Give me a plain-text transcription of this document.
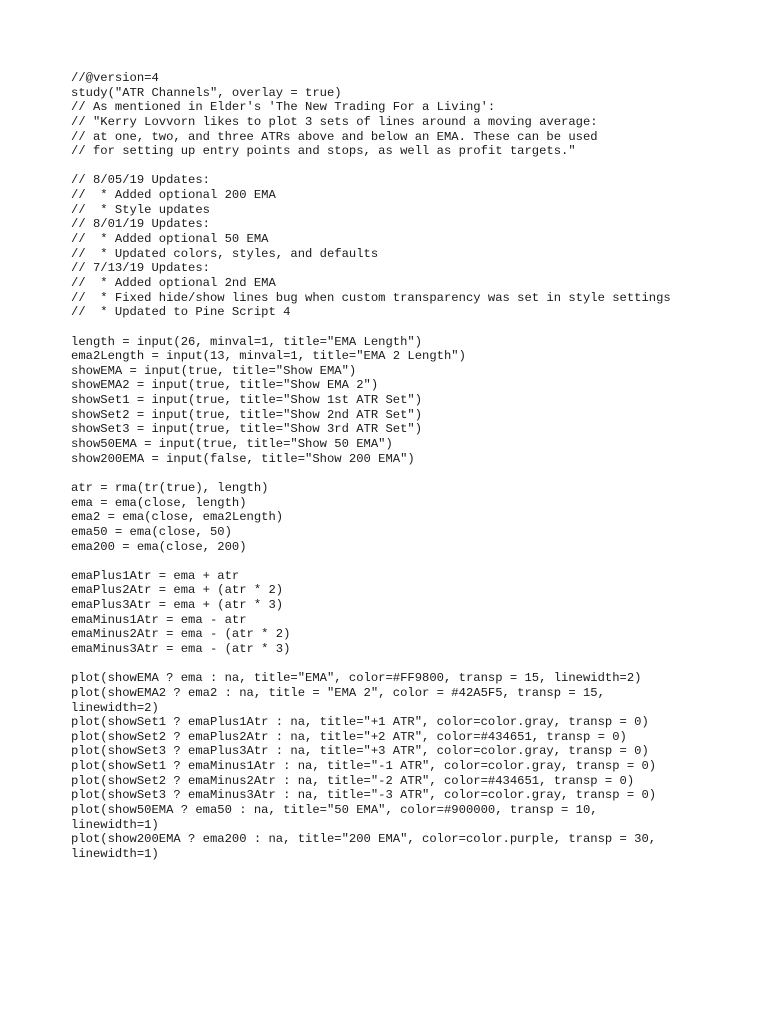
//@version=4
study("ATR Channels", overlay = true)
// As mentioned in Elder's 'The New Trading For a Living':
// "Kerry Lovvorn likes to plot 3 sets of lines around a moving average:
// at one, two, and three ATRs above and below an EMA. These can be used
// for setting up entry points and stops, as well as profit targets."
// 8/05/19 Updates:
//  * Added optional 200 EMA
//  * Style updates
// 8/01/19 Updates:
//  * Added optional 50 EMA
//  * Updated colors, styles, and defaults
// 7/13/19 Updates:
//  * Added optional 2nd EMA
//  * Fixed hide/show lines bug when custom transparency was set in style settings
//  * Updated to Pine Script 4
length = input(26, minval=1, title="EMA Length")
ema2Length = input(13, minval=1, title="EMA 2 Length")
showEMA = input(true, title="Show EMA")
showEMA2 = input(true, title="Show EMA 2")
showSet1 = input(true, title="Show 1st ATR Set")
showSet2 = input(true, title="Show 2nd ATR Set")
showSet3 = input(true, title="Show 3rd ATR Set")
show50EMA = input(true, title="Show 50 EMA")
show200EMA = input(false, title="Show 200 EMA")
atr = rma(tr(true), length)
ema = ema(close, length)
ema2 = ema(close, ema2Length)
ema50 = ema(close, 50)
ema200 = ema(close, 200)
emaPlus1Atr = ema + atr
emaPlus2Atr = ema + (atr * 2)
emaPlus3Atr = ema + (atr * 3)
emaMinus1Atr = ema - atr
emaMinus2Atr = ema - (atr * 2)
emaMinus3Atr = ema - (atr * 3)
plot(showEMA ? ema : na, title="EMA", color=#FF9800, transp = 15, linewidth=2)
plot(showEMA2 ? ema2 : na, title = "EMA 2", color = #42A5F5, transp = 15,
linewidth=2)
plot(showSet1 ? emaPlus1Atr : na, title="+1 ATR", color=color.gray, transp = 0)
plot(showSet2 ? emaPlus2Atr : na, title="+2 ATR", color=#434651, transp = 0)
plot(showSet3 ? emaPlus3Atr : na, title="+3 ATR", color=color.gray, transp = 0)
plot(showSet1 ? emaMinus1Atr : na, title="-1 ATR", color=color.gray, transp = 0)
plot(showSet2 ? emaMinus2Atr : na, title="-2 ATR", color=#434651, transp = 0)
plot(showSet3 ? emaMinus3Atr : na, title="-3 ATR", color=color.gray, transp = 0)
plot(show50EMA ? ema50 : na, title="50 EMA", color=#900000, transp = 10,
linewidth=1)
plot(show200EMA ? ema200 : na, title="200 EMA", color=color.purple, transp = 30,
linewidth=1)
